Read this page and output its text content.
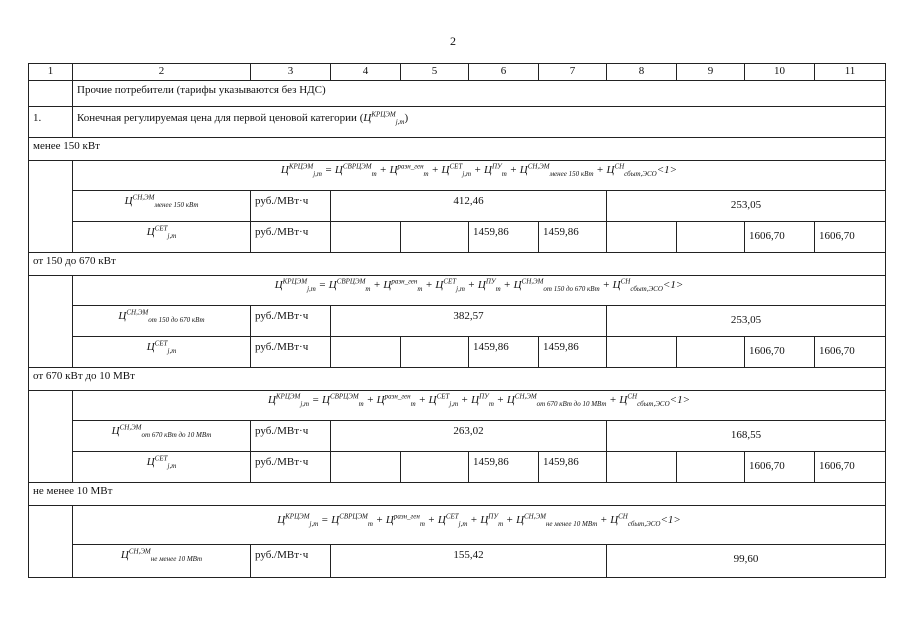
2
1	2	3	4	5	6	7	8	9	10	11
	Прочие потребители (тарифы указываются без НДС)									
1.	Конечная регулируемая цена для первой ценовой категории $(Ц^{КРЦЭМ}_{j,m})$									
менее 150 кВт										
	$Ц^{КРЦЭМ}_{j,m} = Ц^{СВРЦЭМ}_m + Ц^{разн\_ген}_m + Ц^{СЕТ}_{j,m} + Ц^{ПУ}_m + Ц^{СН,ЭМ}_{менее 150 кВт} + Ц^{СН}_{сбыт,ЭСО}<1>$									
	$Ц^{СН,ЭМ}_{менее 150 кВт}$	руб./МВт·ч	412,46				253,05			
	$Ц^{СЕТ}_{j,m}$	руб./МВт·ч			1459,86	1459,86			1606,70	1606,70
от 150 до 670 кВт										
	$Ц^{КРЦЭМ}_{j,m} = Ц^{СВРЦЭМ}_m + Ц^{разн\_ген}_m + Ц^{СЕТ}_{j,m} + Ц^{ПУ}_m + Ц^{СН,ЭМ}_{от 150 до 670 кВт} + Ц^{СН}_{сбыт,ЭСО}<1>$									
	$Ц^{СН,ЭМ}_{от 150 до 670 кВт}$	руб./МВт·ч	382,57				253,05			
	$Ц^{СЕТ}_{j,m}$	руб./МВт·ч			1459,86	1459,86			1606,70	1606,70
от 670 кВт до 10 МВт										
	$Ц^{КРЦЭМ}_{j,m} = Ц^{СВРЦЭМ}_m + Ц^{разн\_ген}_m + Ц^{СЕТ}_{j,m} + Ц^{ПУ}_m + Ц^{СН,ЭМ}_{от 670 кВт до 10 МВт} + Ц^{СН}_{сбыт,ЭСО}<1>$									
	$Ц^{СН,ЭМ}_{от 670 кВт до 10 МВт}$	руб./МВт·ч	263,02				168,55			
	$Ц^{СЕТ}_{j,m}$	руб./МВт·ч			1459,86	1459,86			1606,70	1606,70
не менее 10 МВт										
	$Ц^{КРЦЭМ}_{j,m} = Ц^{СВРЦЭМ}_m + Ц^{разн\_ген}_m + Ц^{СЕТ}_{j,m} + Ц^{ПУ}_m + Ц^{СН,ЭМ}_{не менее 10 МВт} + Ц^{СН}_{сбыт,ЭСО}<1>$									
	$Ц^{СН,ЭМ}_{не менее 10 МВт}$	руб./МВт·ч	155,42				99,60			
